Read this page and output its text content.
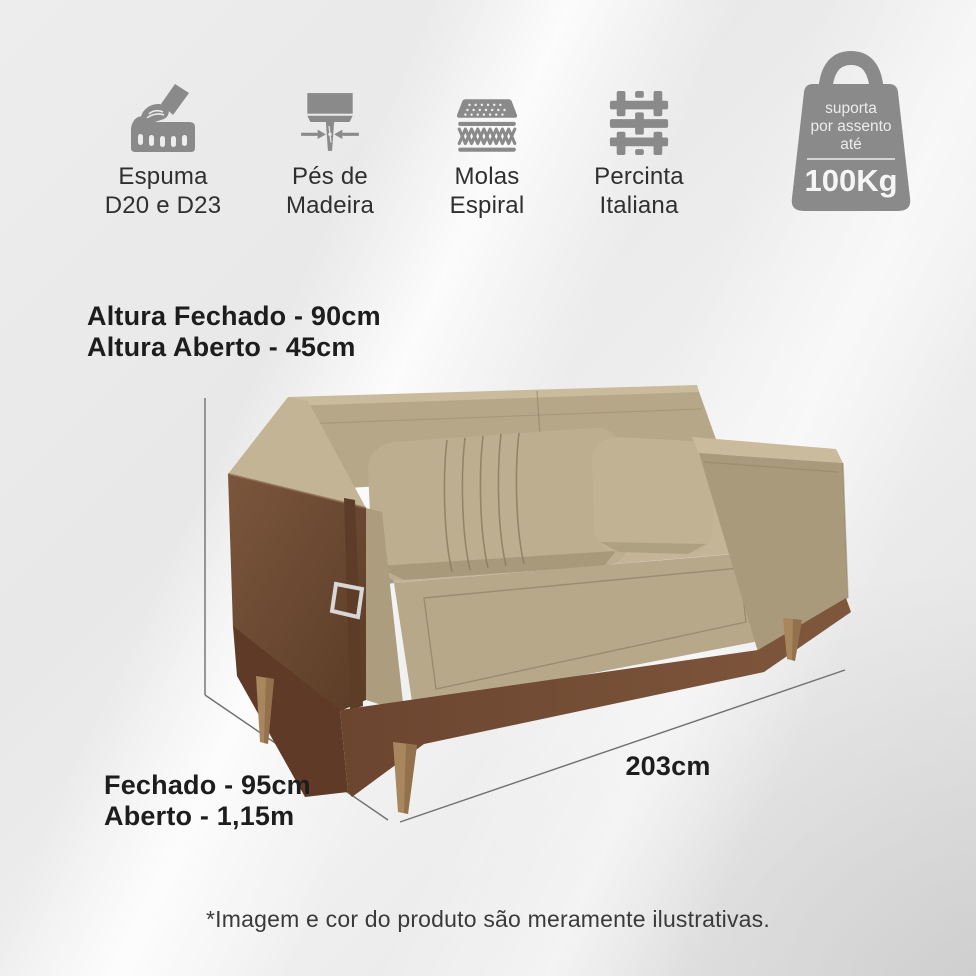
Espuma
D20 e D23
Pés de
Madeira
Molas
Espiral
Percinta
Italiana
suporta
por assento
até
100Kg
Altura Fechado - 90cm
Altura Aberto - 45cm
Fechado - 95cm
Aberto - 1,15m
203cm
*Imagem e cor do produto são meramente ilustrativas.
